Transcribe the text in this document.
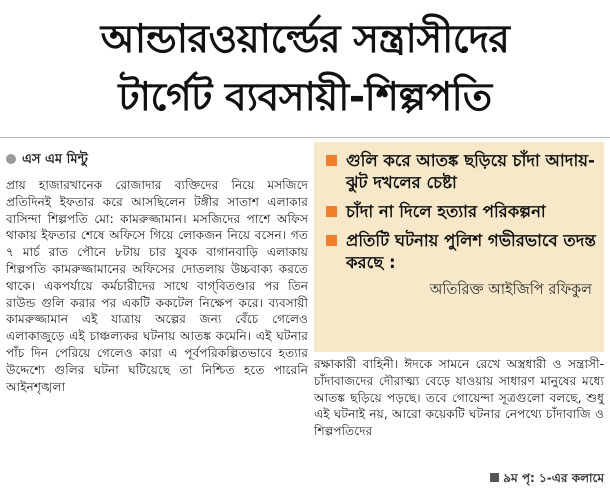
আন্ডারওয়ার্ল্ডের সন্ত্রাসীদের
টার্গেট ব্যবসায়ী-শিল্পপতি
এস এম মিন্টু

প্রায় হাজারখানেক রোজাদার ব্যক্তিদের নিয়ে মসজিদে প্রতিদিনই ইফতার করে আসছিলেন টঙ্গীর সাতাশ এলাকার বাসিন্দা শিল্পপতি মো: কামরুজ্জামান। মসজিদের পাশে অফিস থাকায় ইফতার শেষে অফিসে গিয়ে লোকজন নিয়ে বসেন। গত ৭ মার্চ রাত পৌনে ৮টায় চার যুবক বাগানবাড়ি এলাকায় শিল্পপতি কামরুজ্জামানের অফিসের দোতলায় উচ্চবাক্য করতে থাকে। একপর্যায়ে কর্মচারীদের সাথে বাগ্‌বিতণ্ডার পর তিন রাউন্ড গুলি করার পর একটি ককটেল নিক্ষেপ করে। ব্যবসায়ী কামরুজ্জামান এই যাত্রায় অল্পের জন্য বেঁচে গেলেও এলাকাজুড়ে এই চাঞ্চল্যকর ঘটনায় আতঙ্ক কমেনি। এই ঘটনার পাঁচ দিন পেরিয়ে গেলেও কারা এ পূর্বপরিকল্পিতভাবে হত্যার উদ্দেশ্যে গুলির ঘটনা ঘটিয়েছে তা নিশ্চিত হতে পারেনি আইনশৃঙ্খলা

গুলি করে আতঙ্ক ছড়িয়ে চাঁদা আদায়-ঝুট দখলের চেষ্টা
চাঁদা না দিলে হত্যার পরিকল্পনা
প্রতিটি ঘটনায় পুলিশ গভীরভাবে তদন্ত করছে :
অতিরিক্ত আইজিপি রফিকুল

রক্ষাকারী বাহিনী। ঈদকে সামনে রেখে অস্ত্রধারী ও সন্ত্রাসী-চাঁদাবাজদের দৌরাত্ম্য বেড়ে যাওয়ায় সাধারণ মানুষের মধ্যে আতঙ্ক ছড়িয়ে পড়ছে। তবে গোয়েন্দা সূত্রগুলো বলছে, শুধু এই ঘটনাই নয়, আরো কয়েকটি ঘটনার নেপথ্যে চাঁদাবাজি ও শিল্পপতিদের

৯ম পৃ: ১-এর কলামে
